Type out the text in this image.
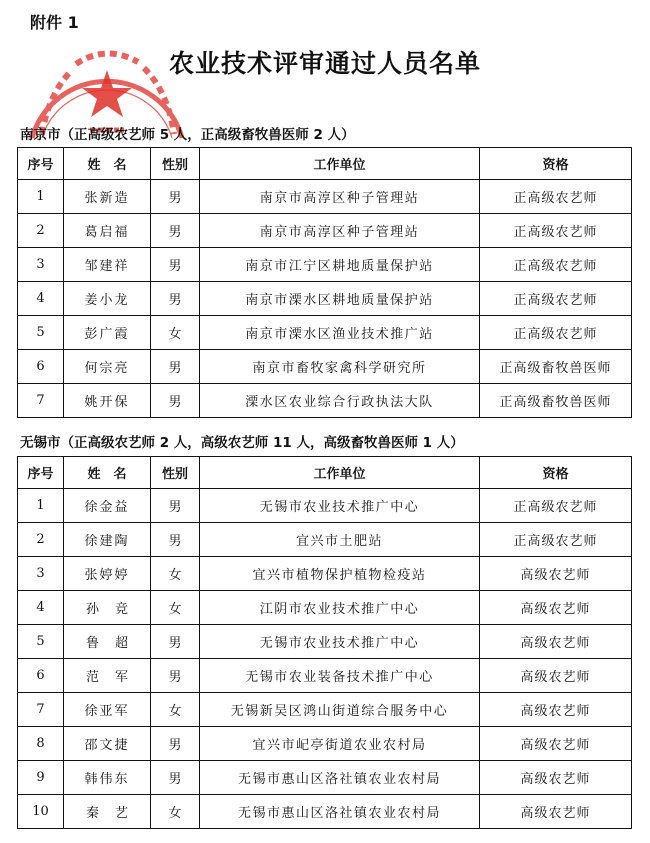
附件 1
农业技术评审通过人员名单
南京市（正高级农艺师 5 人，正高级畜牧兽医师 2 人）
序号	姓　名	性别	工作单位	资格
1	张新造	男	南京市高淳区种子管理站	正高级农艺师
2	葛启福	男	南京市高淳区种子管理站	正高级农艺师
3	邹建祥	男	南京市江宁区耕地质量保护站	正高级农艺师
4	姜小龙	男	南京市溧水区耕地质量保护站	正高级农艺师
5	彭广霞	女	南京市溧水区渔业技术推广站	正高级农艺师
6	何宗亮	男	南京市畜牧家禽科学研究所	正高级畜牧兽医师
7	姚开保	男	溧水区农业综合行政执法大队	正高级畜牧兽医师
无锡市（正高级农艺师 2 人，高级农艺师 11 人，高级畜牧兽医师 1 人）
序号	姓　名	性别	工作单位	资格
1	徐金益	男	无锡市农业技术推广中心	正高级农艺师
2	徐建陶	男	宜兴市土肥站	正高级农艺师
3	张婷婷	女	宜兴市植物保护植物检疫站	高级农艺师
4	孙竞	女	江阴市农业技术推广中心	高级农艺师
5	鲁超	男	无锡市农业技术推广中心	高级农艺师
6	范军	男	无锡市农业装备技术推广中心	高级农艺师
7	徐亚军	女	无锡新吴区鸿山街道综合服务中心	高级农艺师
8	邵文捷	男	宜兴市屺亭街道农业农村局	高级农艺师
9	韩伟东	男	无锡市惠山区洛社镇农业农村局	高级农艺师
10	秦艺	女	无锡市惠山区洛社镇农业农村局	高级农艺师
